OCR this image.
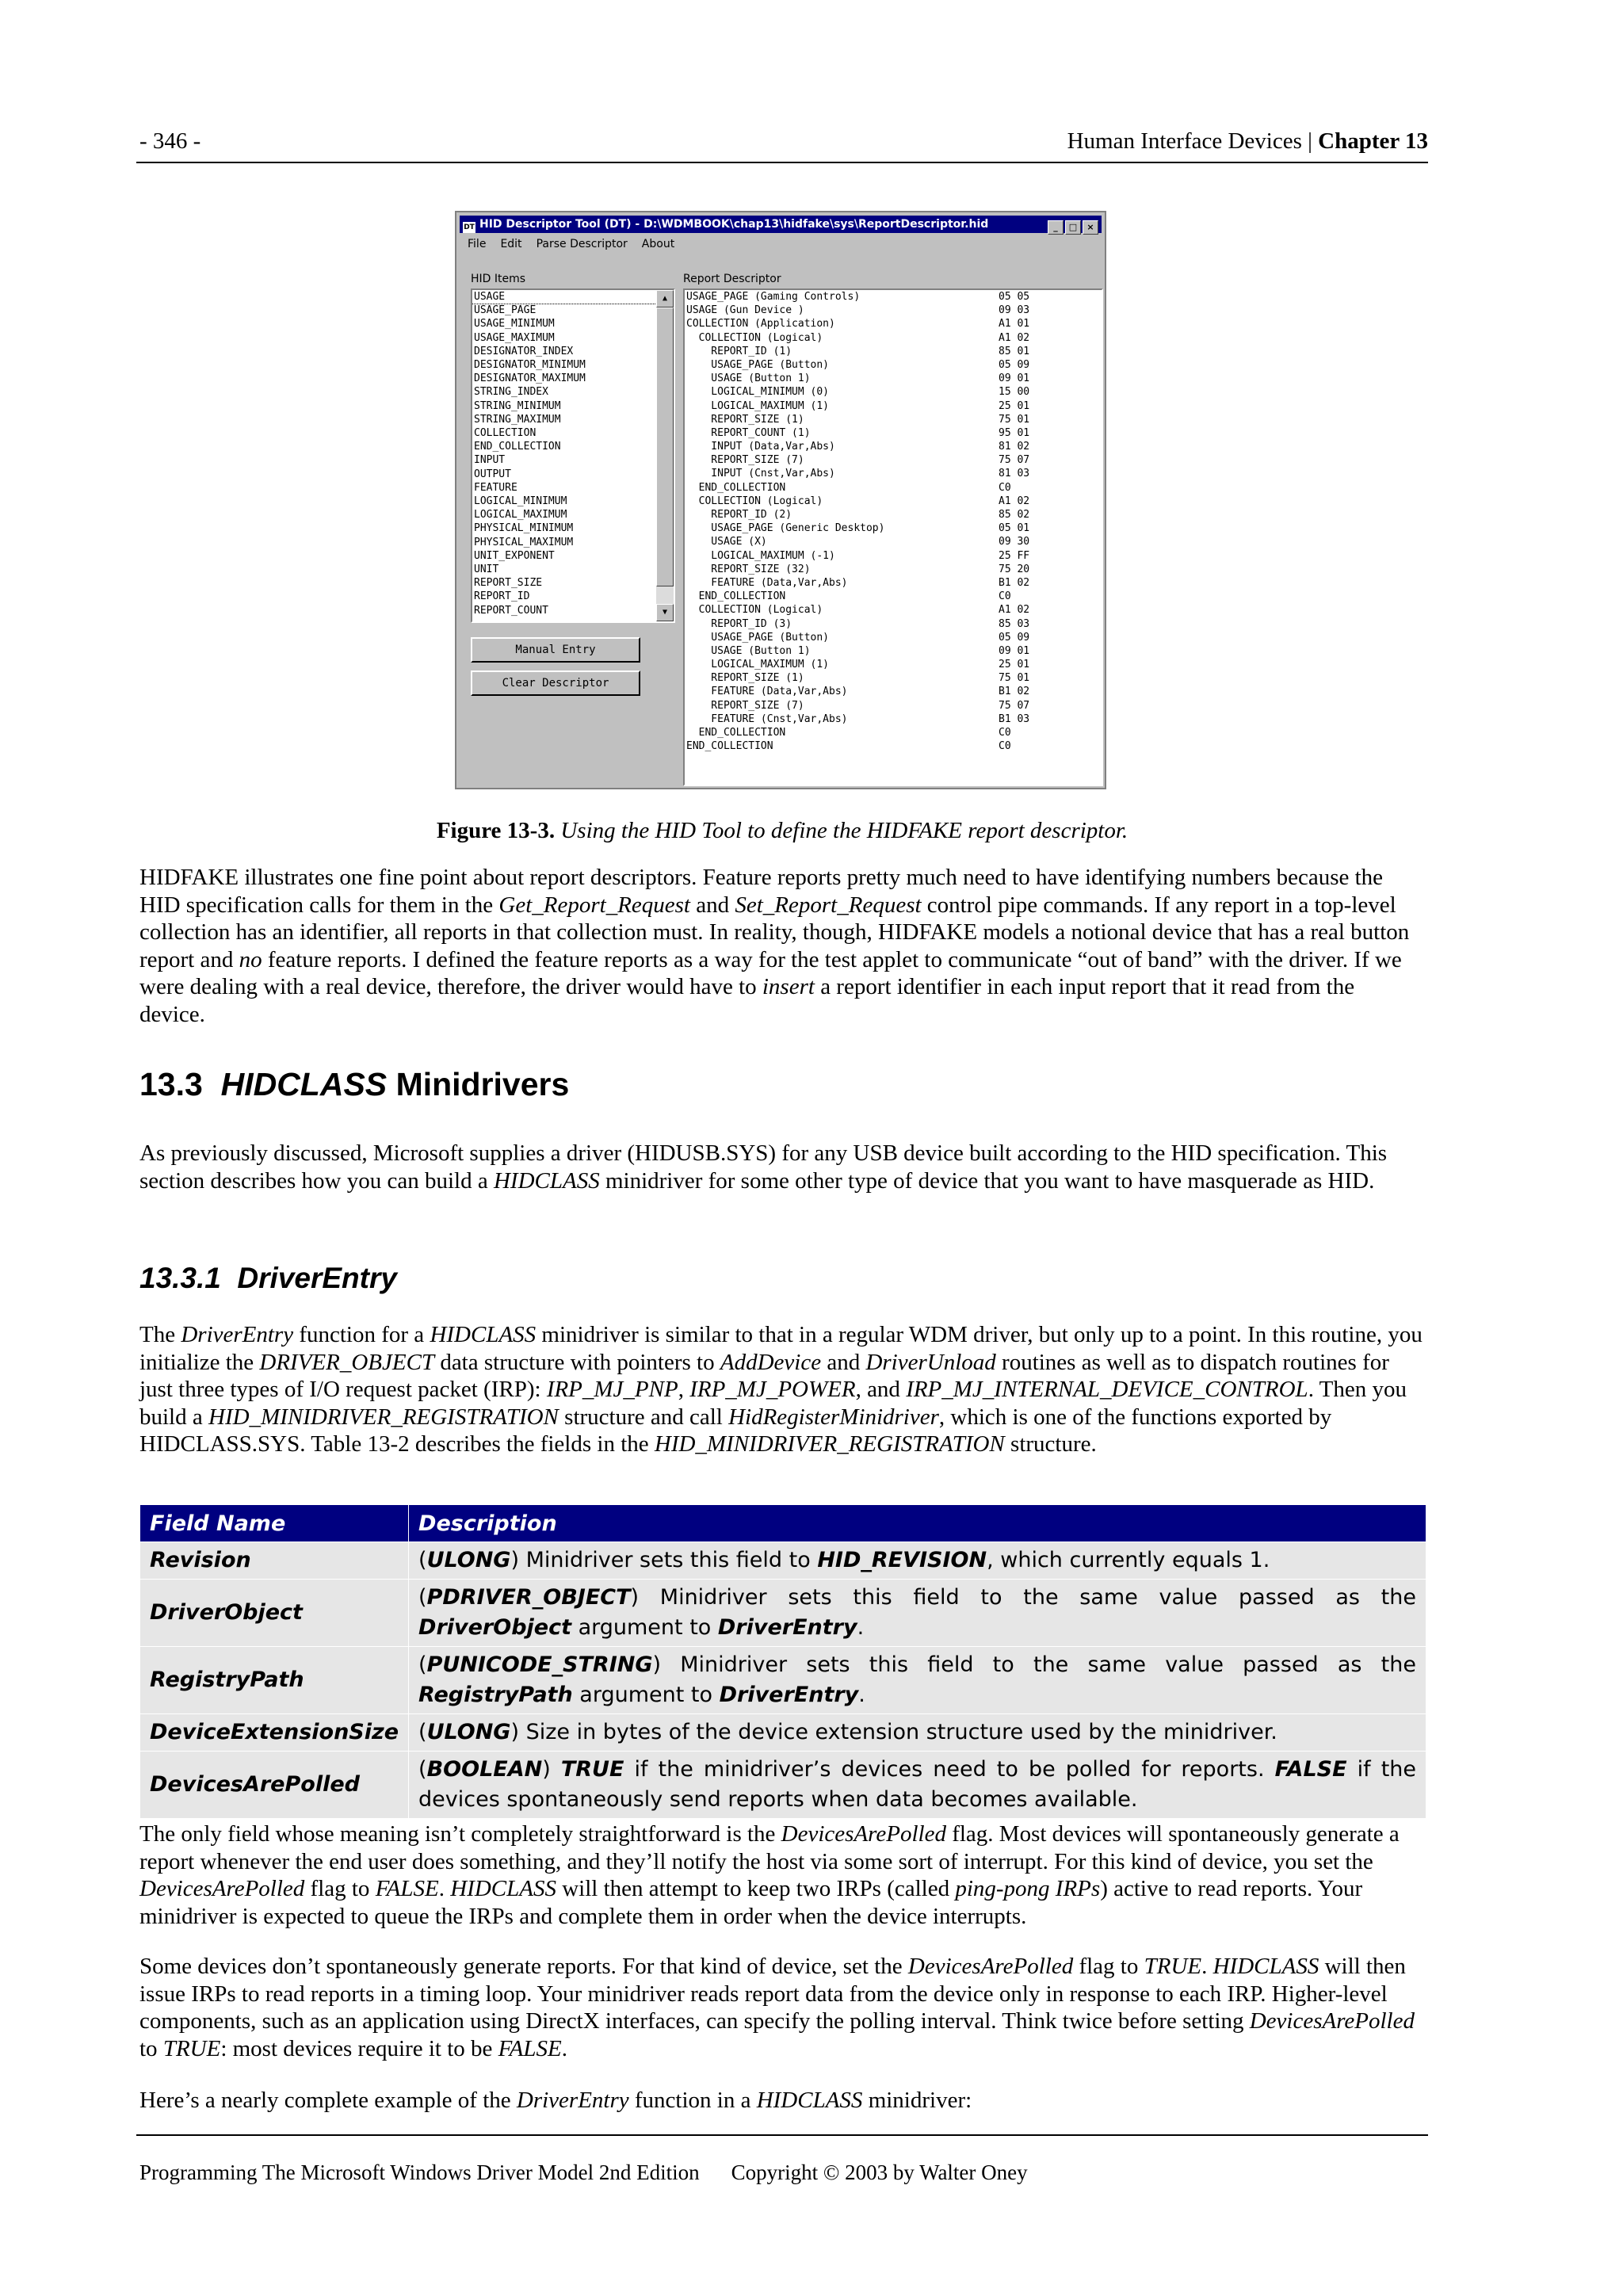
- 346 -	Human Interface Devices | Chapter 13
DT HID Descriptor Tool (DT) - D:\WDMBOOK\chap13\hidfake\sys\ReportDescriptor.hid	_ □ ×
File Edit Parse Descriptor About
HID Items	Report Descriptor
USAGE
USAGE_PAGE
USAGE_MINIMUM
USAGE_MAXIMUM
DESIGNATOR_INDEX
DESIGNATOR_MINIMUM
DESIGNATOR_MAXIMUM
STRING_INDEX
STRING_MINIMUM
STRING_MAXIMUM
COLLECTION
END_COLLECTION
INPUT
OUTPUT
FEATURE
LOGICAL_MINIMUM
LOGICAL_MAXIMUM
PHYSICAL_MINIMUM
PHYSICAL_MAXIMUM
UNIT_EXPONENT
UNIT
REPORT_SIZE
REPORT_ID
REPORT_COUNT
▲
▼
Manual Entry
Clear Descriptor
USAGE_PAGE (Gaming Controls)	05 05
USAGE (Gun Device )	09 03
COLLECTION (Application)	A1 01
COLLECTION (Logical)	A1 02
REPORT_ID (1)	85 01
USAGE_PAGE (Button)	05 09
USAGE (Button 1)	09 01
LOGICAL_MINIMUM (0)	15 00
LOGICAL_MAXIMUM (1)	25 01
REPORT_SIZE (1)	75 01
REPORT_COUNT (1)	95 01
INPUT (Data,Var,Abs)	81 02
REPORT_SIZE (7)	75 07
INPUT (Cnst,Var,Abs)	81 03
END_COLLECTION	C0
COLLECTION (Logical)	A1 02
REPORT_ID (2)	85 02
USAGE_PAGE (Generic Desktop)	05 01
USAGE (X)	09 30
LOGICAL_MAXIMUM (-1)	25 FF
REPORT_SIZE (32)	75 20
FEATURE (Data,Var,Abs)	B1 02
END_COLLECTION	C0
COLLECTION (Logical)	A1 02
REPORT_ID (3)	85 03
USAGE_PAGE (Button)	05 09
USAGE (Button 1)	09 01
LOGICAL_MAXIMUM (1)	25 01
REPORT_SIZE (1)	75 01
FEATURE (Data,Var,Abs)	B1 02
REPORT_SIZE (7)	75 07
FEATURE (Cnst,Var,Abs)	B1 03
END_COLLECTION	C0
END_COLLECTION	C0
Figure 13-3. Using the HID Tool to define the HIDFAKE report descriptor.

HIDFAKE illustrates one fine point about report descriptors. Feature reports pretty much need to have identifying numbers because the HID specification calls for them in the Get_Report_Request and Set_Report_Request control pipe commands. If any report in a top-level collection has an identifier, all reports in that collection must. In reality, though, HIDFAKE models a notional device that has a real button report and no feature reports. I defined the feature reports as a way for the test applet to communicate “out of band” with the driver. If we were dealing with a real device, therefore, the driver would have to insert a report identifier in each input report that it read from the device.

13.3  HIDCLASS Minidrivers

As previously discussed, Microsoft supplies a driver (HIDUSB.SYS) for any USB device built according to the HID specification. This section describes how you can build a HIDCLASS minidriver for some other type of device that you want to have masquerade as HID.

13.3.1  DriverEntry

The DriverEntry function for a HIDCLASS minidriver is similar to that in a regular WDM driver, but only up to a point. In this routine, you initialize the DRIVER_OBJECT data structure with pointers to AddDevice and DriverUnload routines as well as to dispatch routines for just three types of I/O request packet (IRP): IRP_MJ_PNP, IRP_MJ_POWER, and IRP_MJ_INTERNAL_DEVICE_CONTROL. Then you build a HID_MINIDRIVER_REGISTRATION structure and call HidRegisterMinidriver, which is one of the functions exported by HIDCLASS.SYS. Table 13-2 describes the fields in the HID_MINIDRIVER_REGISTRATION structure.

Field Name	Description
Revision	(ULONG) Minidriver sets this field to HID_REVISION, which currently equals 1.
DriverObject	(PDRIVER_OBJECT) Minidriver sets this field to the same value passed as the DriverObject argument to DriverEntry.
RegistryPath	(PUNICODE_STRING) Minidriver sets this field to the same value passed as the RegistryPath argument to DriverEntry.
DeviceExtensionSize	(ULONG) Size in bytes of the device extension structure used by the minidriver.
DevicesArePolled	(BOOLEAN) TRUE if the minidriver’s devices need to be polled for reports. FALSE if the devices spontaneously send reports when data becomes available.

The only field whose meaning isn’t completely straightforward is the DevicesArePolled flag. Most devices will spontaneously generate a report whenever the end user does something, and they’ll notify the host via some sort of interrupt. For this kind of device, you set the DevicesArePolled flag to FALSE. HIDCLASS will then attempt to keep two IRPs (called ping-pong IRPs) active to read reports. Your minidriver is expected to queue the IRPs and complete them in order when the device interrupts.

Some devices don’t spontaneously generate reports. For that kind of device, set the DevicesArePolled flag to TRUE. HIDCLASS will then issue IRPs to read reports in a timing loop. Your minidriver reads report data from the device only in response to each IRP. Higher-level components, such as an application using DirectX interfaces, can specify the polling interval. Think twice before setting DevicesArePolled to TRUE: most devices require it to be FALSE.

Here’s a nearly complete example of the DriverEntry function in a HIDCLASS minidriver:

Programming The Microsoft Windows Driver Model 2nd Edition Copyright © 2003 by Walter Oney
